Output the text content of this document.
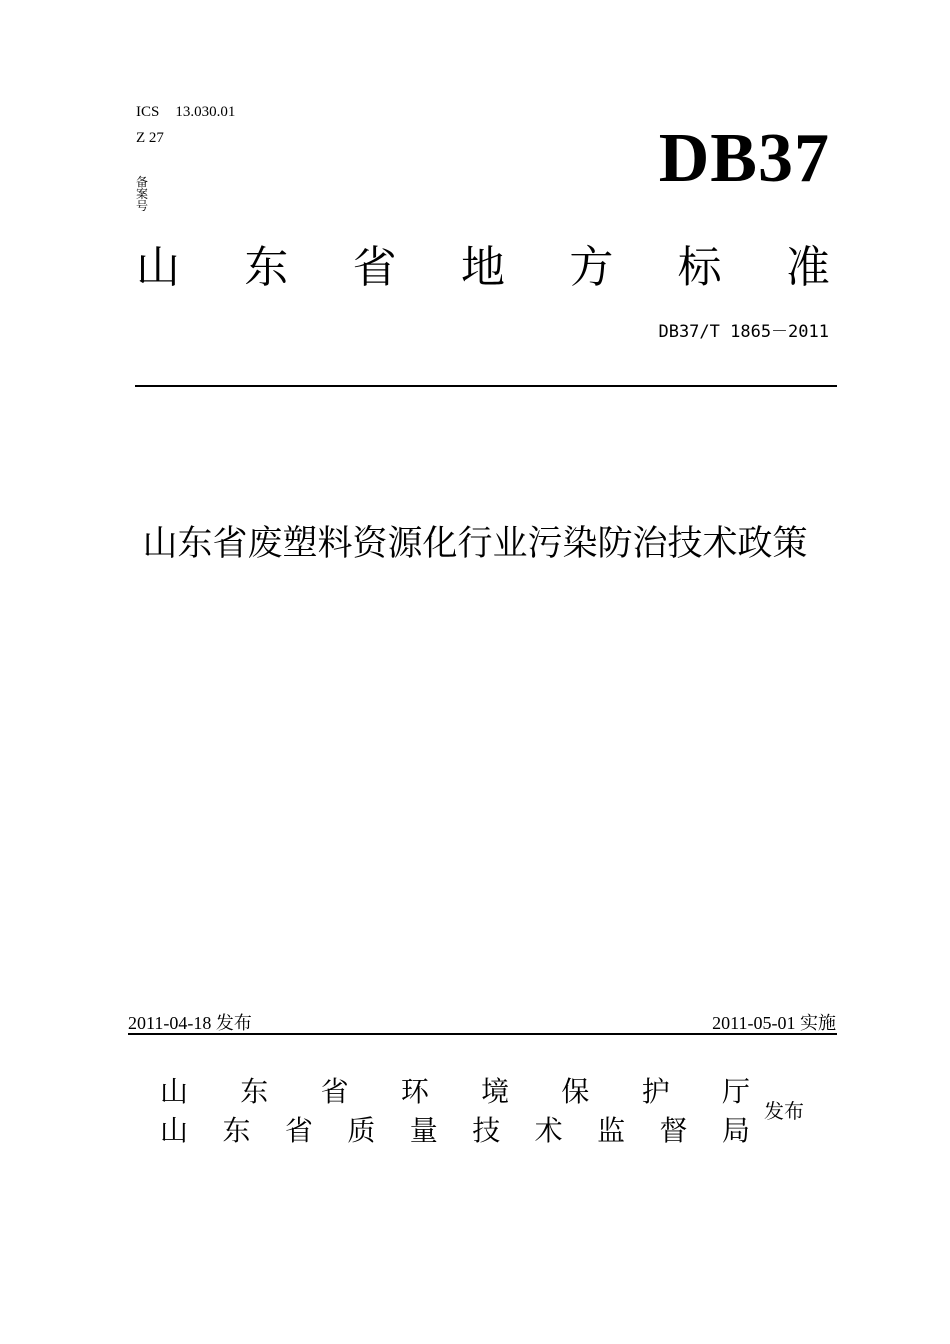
ICS 13.030.01
Z 27
备案号
DB37
山 东 省 地 方 标 准
DB37/T 1865－2011
山东省废塑料资源化行业污染防治技术政策
2011-04-18 发布	2011-05-01 实施
山 东 省 环 境 保 护 厅
山 东 省 质 量 技 术 监 督 局
发布
